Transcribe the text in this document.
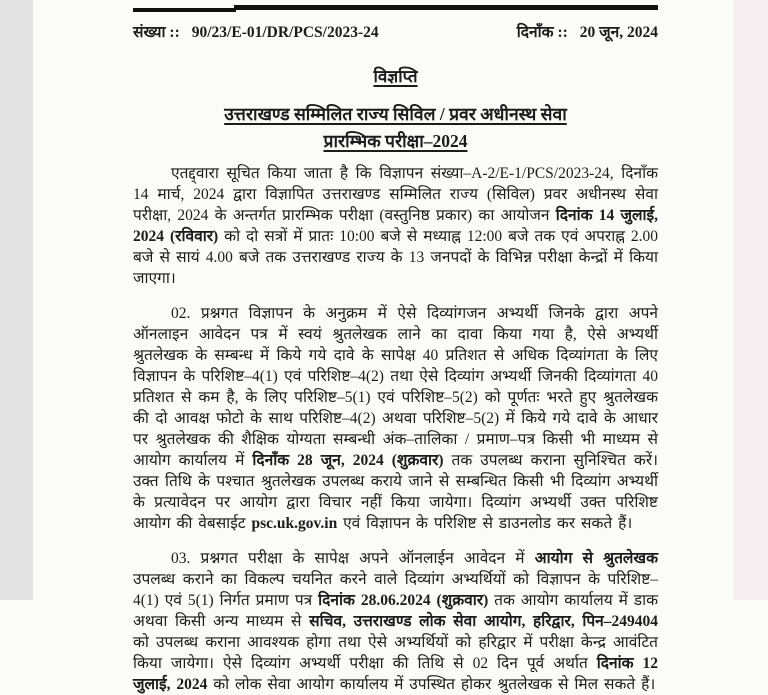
संख्या :: 90/23/E-01/DR/PCS/2023-24	दिनाँक :: 20 जून, 2024
विज्ञप्ति
उत्तराखण्ड सम्मिलित राज्य सिविल / प्रवर अधीनस्थ सेवा
प्रारम्भिक परीक्षा–2024

एतद्द्वारा सूचित किया जाता है कि विज्ञापन संख्या–A-2/E-1/PCS/2023-24, दिनाँक 14 मार्च, 2024 द्वारा विज्ञापित उत्तराखण्ड सम्मिलित राज्य (सिविल) प्रवर अधीनस्थ सेवा परीक्षा, 2024 के अन्तर्गत प्रारम्भिक परीक्षा (वस्तुनिष्ठ प्रकार) का आयोजन दिनांक 14 जुलाई, 2024 (रविवार) को दो सत्रों में प्रातः 10:00 बजे से मध्याह्न 12:00 बजे तक एवं अपराह्न 2.00 बजे से सायं 4.00 बजे तक उत्तराखण्ड राज्य के 13 जनपदों के विभिन्न परीक्षा केन्द्रों में किया जाएगा।

02. प्रश्नगत विज्ञापन के अनुक्रम में ऐसे दिव्यांगजन अभ्यर्थी जिनके द्वारा अपने ऑनलाइन आवेदन पत्र में स्वयं श्रुतलेखक लाने का दावा किया गया है, ऐसे अभ्यर्थी श्रुतलेखक के सम्बन्ध में किये गये दावे के सापेक्ष 40 प्रतिशत से अधिक दिव्यांगता के लिए विज्ञापन के परिशिष्ट–4(1) एवं परिशिष्ट–4(2) तथा ऐसे दिव्यांग अभ्यर्थी जिनकी दिव्यांगता 40 प्रतिशत से कम है, के लिए परिशिष्ट–5(1) एवं परिशिष्ट–5(2) को पूर्णतः भरते हुए श्रुतलेखक की दो आवक्ष फोटो के साथ परिशिष्ट–4(2) अथवा परिशिष्ट–5(2) में किये गये दावे के आधार पर श्रुतलेखक की शैक्षिक योग्यता सम्बन्धी अंक–तालिका / प्रमाण–पत्र किसी भी माध्यम से आयोग कार्यालय में दिनाँक 28 जून, 2024 (शुक्रवार) तक उपलब्ध कराना सुनिश्चित करें। उक्त तिथि के पश्चात श्रुतलेखक उपलब्ध कराये जाने से सम्बन्धित किसी भी दिव्यांग अभ्यर्थी के प्रत्यावेदन पर आयोग द्वारा विचार नहीं किया जायेगा। दिव्यांग अभ्यर्थी उक्त परिशिष्ट आयोग की वेबसाईट psc.uk.gov.in एवं विज्ञापन के परिशिष्ट से डाउनलोड कर सकते हैं।

03. प्रश्नगत परीक्षा के सापेक्ष अपने ऑनलाईन आवेदन में आयोग से श्रुतलेखक उपलब्ध कराने का विकल्प चयनित करने वाले दिव्यांग अभ्यर्थियों को विज्ञापन के परिशिष्ट–4(1) एवं 5(1) निर्गत प्रमाण पत्र दिनांक 28.06.2024 (शुक्रवार) तक आयोग कार्यालय में डाक अथवा किसी अन्य माध्यम से सचिव, उत्तराखण्ड लोक सेवा आयोग, हरिद्वार, पिन–249404 को उपलब्ध कराना आवश्यक होगा तथा ऐसे अभ्यर्थियों को हरिद्वार में परीक्षा केन्द्र आवंटित किया जायेगा। ऐसे दिव्यांग अभ्यर्थी परीक्षा की तिथि से 02 दिन पूर्व अर्थात दिनांक 12 जुलाई, 2024 को लोक सेवा आयोग कार्यालय में उपस्थित होकर श्रुतलेखक से मिल सकते हैं।
